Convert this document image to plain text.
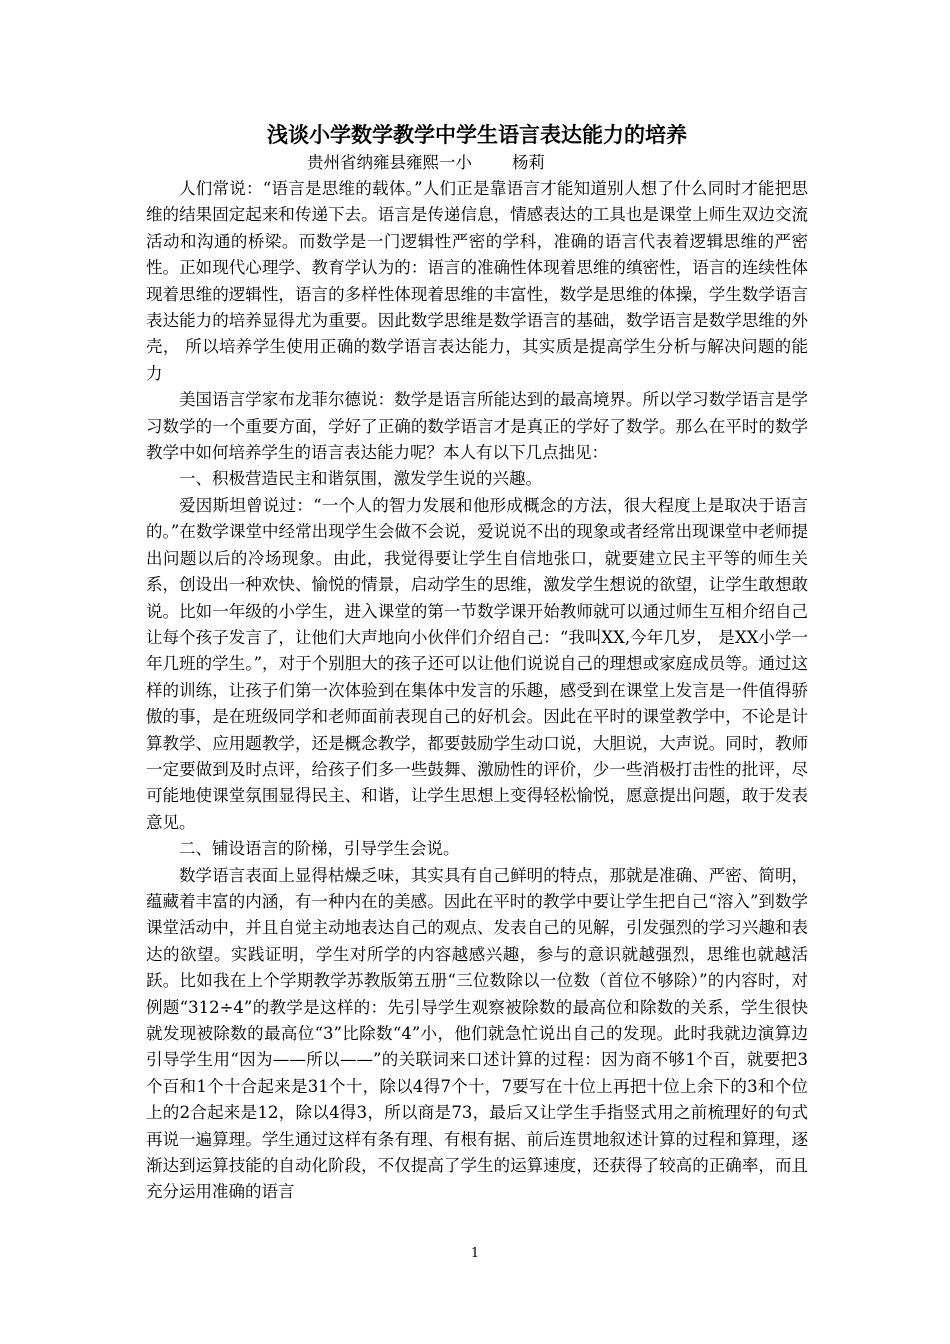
浅谈小学数学教学中学生语言表达能力的培养

贵州省纳雍县雍熙一小 杨莉

人们常说：“语言是思维的载体。”人们正是靠语言才能知道别人想了什么同时才能把思维的结果固定起来和传递下去。语言是传递信息，情感表达的工具也是课堂上师生双边交流活动和沟通的桥梁。而数学是一门逻辑性严密的学科，准确的语言代表着逻辑思维的严密性。正如现代心理学、教育学认为的：语言的准确性体现着思维的缜密性，语言的连续性体现着思维的逻辑性，语言的多样性体现着思维的丰富性，数学是思维的体操，学生数学语言表达能力的培养显得尤为重要。因此数学思维是数学语言的基础，数学语言是数学思维的外壳， 所以培养学生使用正确的数学语言表达能力，其实质是提高学生分析与解决问题的能力

美国语言学家布龙菲尔德说：数学是语言所能达到的最高境界。所以学习数学语言是学习数学的一个重要方面，学好了正确的数学语言才是真正的学好了数学。那么在平时的数学教学中如何培养学生的语言表达能力呢？本人有以下几点拙见：

一、积极营造民主和谐氛围，激发学生说的兴趣。

爱因斯坦曾说过：“一个人的智力发展和他形成概念的方法，很大程度上是取决于语言的。”在数学课堂中经常出现学生会做不会说，爱说说不出的现象或者经常出现课堂中老师提出问题以后的冷场现象。由此，我觉得要让学生自信地张口，就要建立民主平等的师生关系，创设出一种欢快、愉悦的情景，启动学生的思维，激发学生想说的欲望，让学生敢想敢说。比如一年级的小学生，进入课堂的第一节数学课开始教师就可以通过师生互相介绍自己让每个孩子发言了，让他们大声地向小伙伴们介绍自己：“我叫XX,今年几岁， 是XX小学一年几班的学生。”，对于个别胆大的孩子还可以让他们说说自己的理想或家庭成员等。通过这样的训练，让孩子们第一次体验到在集体中发言的乐趣，感受到在课堂上发言是一件值得骄傲的事，是在班级同学和老师面前表现自己的好机会。因此在平时的课堂教学中，不论是计算教学、应用题教学，还是概念教学，都要鼓励学生动口说，大胆说，大声说。同时，教师一定要做到及时点评，给孩子们多一些鼓舞、激励性的评价，少一些消极打击性的批评，尽可能地使课堂氛围显得民主、和谐，让学生思想上变得轻松愉悦，愿意提出问题，敢于发表意见。

二、铺设语言的阶梯，引导学生会说。

数学语言表面上显得枯燥乏味，其实具有自己鲜明的特点，那就是准确、严密、简明，蕴藏着丰富的内涵，有一种内在的美感。因此在平时的教学中要让学生把自己“溶入”到数学课堂活动中，并且自觉主动地表达自己的观点、发表自己的见解，引发强烈的学习兴趣和表达的欲望。实践证明，学生对所学的内容越感兴趣，参与的意识就越强烈，思维也就越活跃。比如我在上个学期教学苏教版第五册“三位数除以一位数（首位不够除）”的内容时，对例题“312÷4”的教学是这样的：先引导学生观察被除数的最高位和除数的关系，学生很快就发现被除数的最高位“3”比除数“4”小，他们就急忙说出自己的发现。此时我就边演算边引导学生用“因为——所以——”的关联词来口述计算的过程：因为商不够1个百，就要把3个百和1个十合起来是31个十，除以4得7个十，7要写在十位上再把十位上余下的3和个位上的2合起来是12，除以4得3，所以商是73，最后又让学生手指竖式用之前梳理好的句式再说一遍算理。学生通过这样有条有理、有根有据、前后连贯地叙述计算的过程和算理，逐渐达到运算技能的自动化阶段，不仅提高了学生的运算速度，还获得了较高的正确率，而且充分运用准确的语言

1
